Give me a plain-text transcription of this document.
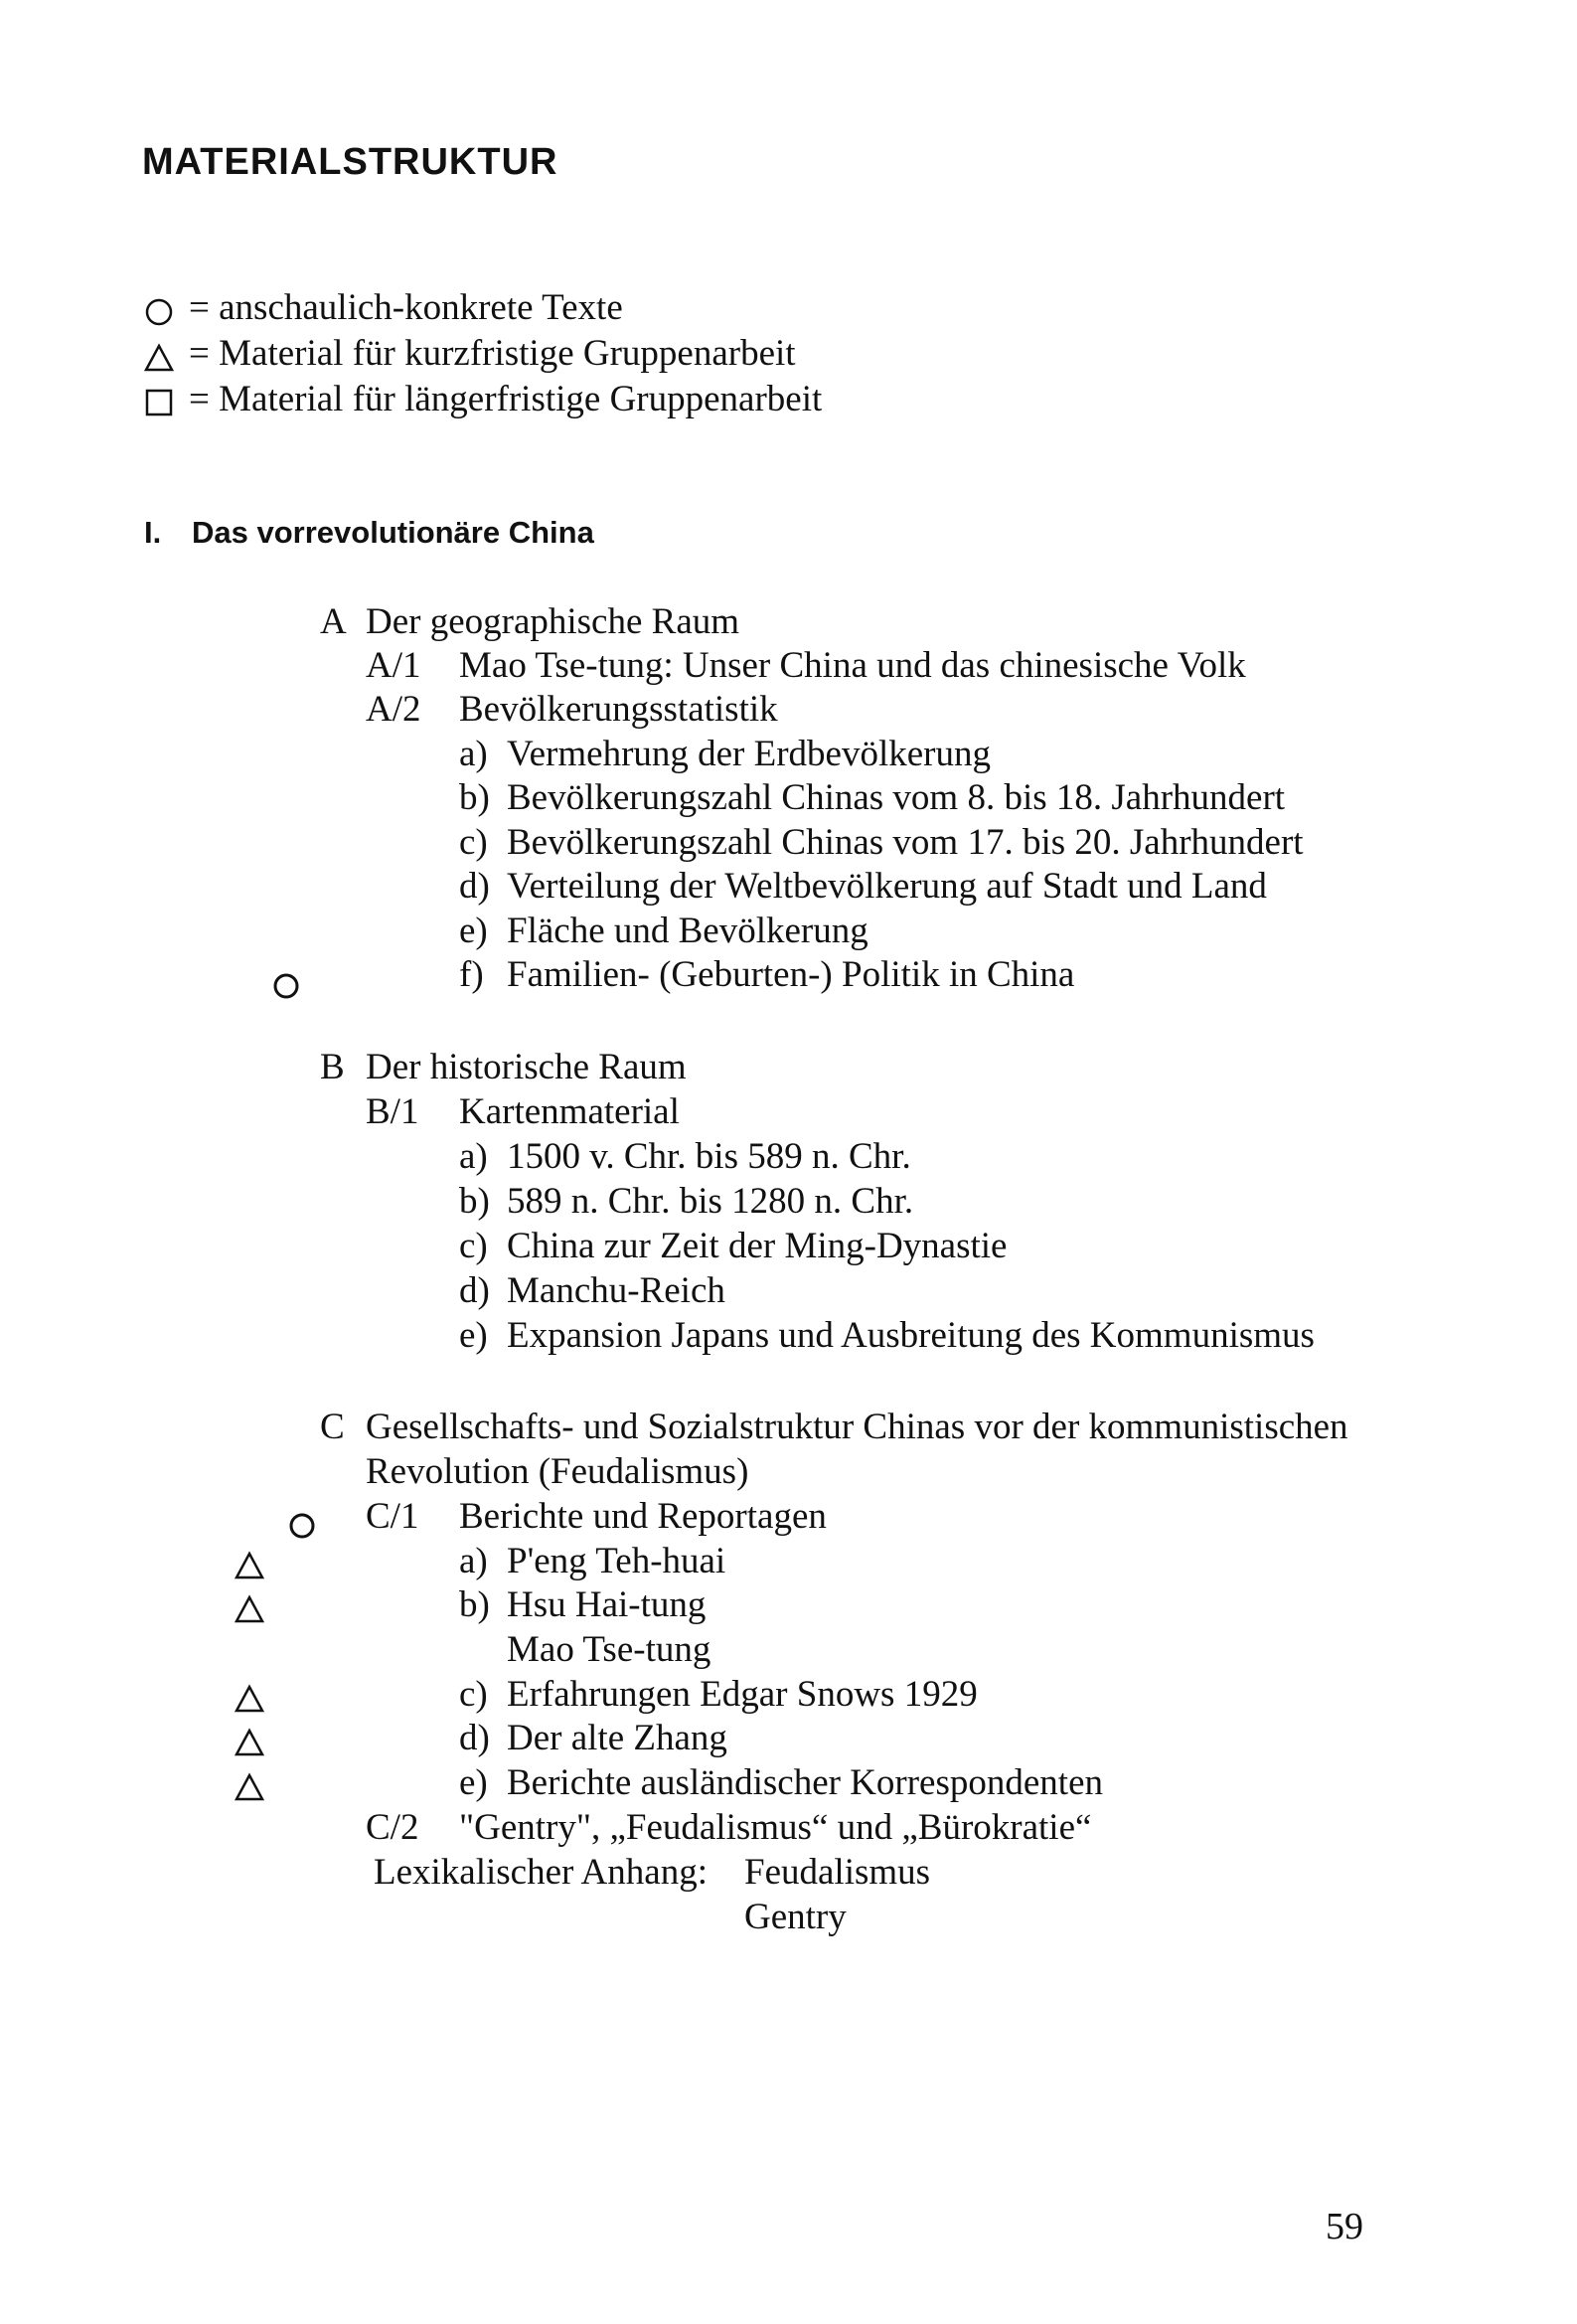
MATERIALSTRUKTUR
= anschaulich-konkrete Texte
= Material für kurzfristige Gruppenarbeit
= Material für längerfristige Gruppenarbeit
I. Das vorrevolutionäre China
A Der geographische Raum
A/1 Mao Tse-tung: Unser China und das chinesische Volk
A/2 Bevölkerungsstatistik
a) Vermehrung der Erdbevölkerung
b) Bevölkerungszahl Chinas vom 8. bis 18. Jahrhundert
c) Bevölkerungszahl Chinas vom 17. bis 20. Jahrhundert
d) Verteilung der Weltbevölkerung auf Stadt und Land
e) Fläche und Bevölkerung
f) Familien- (Geburten-) Politik in China
B Der historische Raum
B/1 Kartenmaterial
a) 1500 v. Chr. bis 589 n. Chr.
b) 589 n. Chr. bis 1280 n. Chr.
c) China zur Zeit der Ming-Dynastie
d) Manchu-Reich
e) Expansion Japans und Ausbreitung des Kommunismus
C Gesellschafts- und Sozialstruktur Chinas vor der kommunistischen
Revolution (Feudalismus)
C/1 Berichte und Reportagen
a) P'eng Teh-huai
b) Hsu Hai-tung
Mao Tse-tung
c) Erfahrungen Edgar Snows 1929
d) Der alte Zhang
e) Berichte ausländischer Korrespondenten
C/2 "Gentry", „Feudalismus“ und „Bürokratie“
Lexikalischer Anhang: Feudalismus
Gentry
59
